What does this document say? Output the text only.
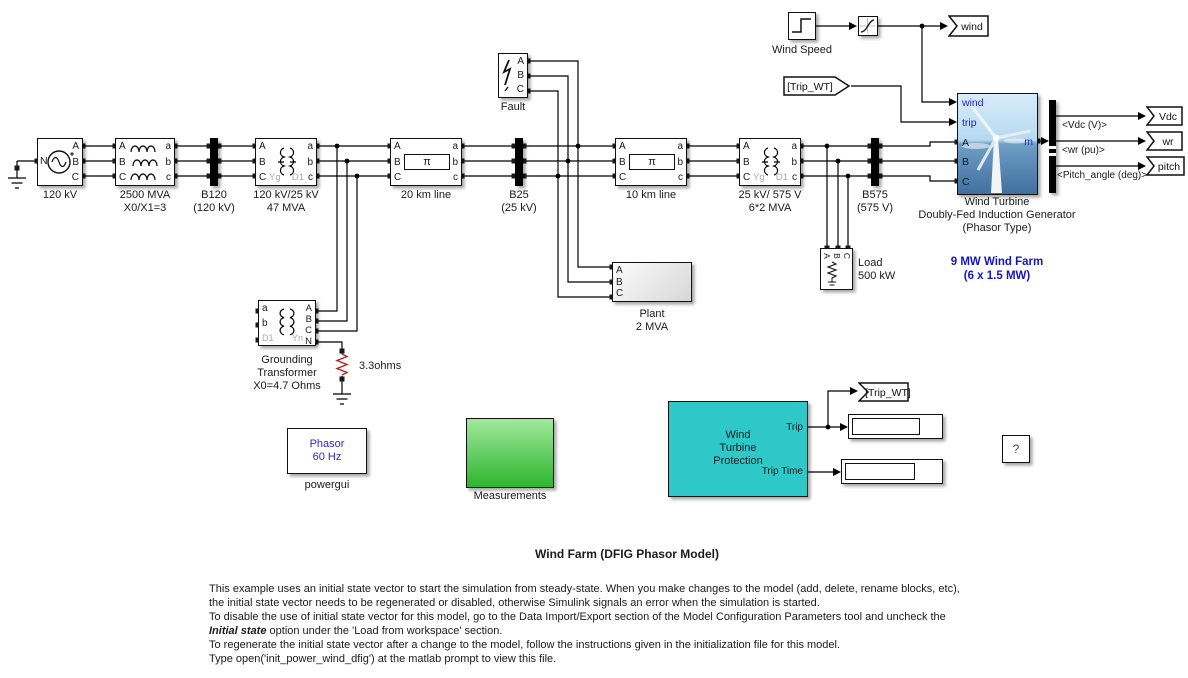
Wind Speed
wind
[Trip_WT]
A
B
C
Fault
N
A
B
C
120 kV
A
B
C
a
b
c
2500 MVA
X0/X1=3
B120
(120 kV)
A
B
C Yg D1
a
b
c
120 kV/25 kV
47 MVA
A
B
C
π
a
b
c
20 km line	B25
(25 kV)
A
B
C
π
a
b
c
10 km line
A
B
C Yg D1
a
b
c
25 kV/ 575 V
6*2 MVA
B575
(575 V)
A
B
C
Plant
2 MVA
A B C
Load
500 kW
a
b
D1 Yn
A
B
C
N
Grounding
Transformer
X0=4.7 Ohms
3.3ohms
wind
trip
A
B
C
m
Wind Turbine
Doubly-Fed Induction Generator
(Phasor Type)
9 MW Wind Farm
(6 x 1.5 MW)
<Vdc (V)>
<wr (pu)>
<Pitch_angle (deg)>
Vdc
wr
pitch
Phasor
60 Hz
powergui
Measurements
Wind
Turbine
Protection
Trip
Trip Time
[Trip_WT]
?
Wind Farm (DFIG Phasor Model)
This example uses an initial state vector to start the simulation from steady-state. When you make changes to the model (add, delete, rename blocks, etc),
the initial state vector needs to be regenerated or disabled, otherwise Simulink signals an error when the simulation is started.
To disable the use of initial state vector for this model, go to the Data Import/Export section of the Model Configuration Parameters tool and uncheck the
Initial state option under the 'Load from workspace' section.
To regenerate the initial state vector after a change to the model, follow the instructions given in the initialization file for this model.
Type open('init_power_wind_dfig') at the matlab prompt to view this file.
